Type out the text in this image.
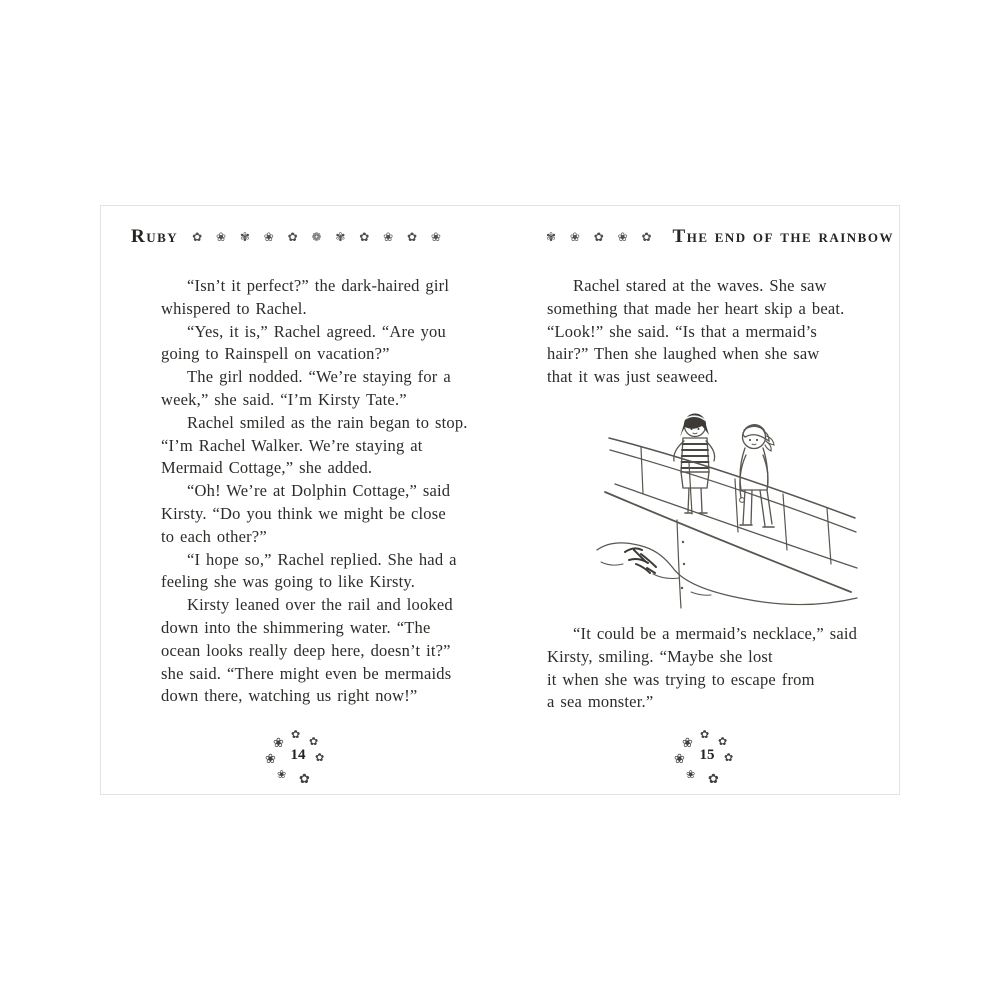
Ruby ✿ ❀ ✾ ❀ ✿ ❁ ✾ ✿ ❀ ✿ ❀
“Isn’t it perfect?” the dark-haired girl
whispered to Rachel.
“Yes, it is,” Rachel agreed. “Are you
going to Rainspell on vacation?”
The girl nodded. “We’re staying for a
week,” she said. “I’m Kirsty Tate.”
Rachel smiled as the rain began to stop.
“I’m Rachel Walker. We’re staying at
Mermaid Cottage,” she added.
“Oh! We’re at Dolphin Cottage,” said
Kirsty. “Do you think we might be close
to each other?”
“I hope so,” Rachel replied. She had a
feeling she was going to like Kirsty.
Kirsty leaned over the rail and looked
down into the shimmering water. “The
ocean looks really deep here, doesn’t it?”
she said. “There might even be mermaids
down there, watching us right now!”
✿
❀ ✿
❀	✿
❀ ✿
14
✾ ❀ ✿ ❀ ✿ The end of the rainbow
Rachel stared at the waves. She saw
something that made her heart skip a beat.
“Look!” she said. “Is that a mermaid’s
hair?” Then she laughed when she saw
that it was just seaweed.
“It could be a mermaid’s necklace,” said
Kirsty, smiling. “Maybe she lost
it when she was trying to escape from
a sea monster.”
✿
❀ ✿
❀	✿
❀ ✿
15
